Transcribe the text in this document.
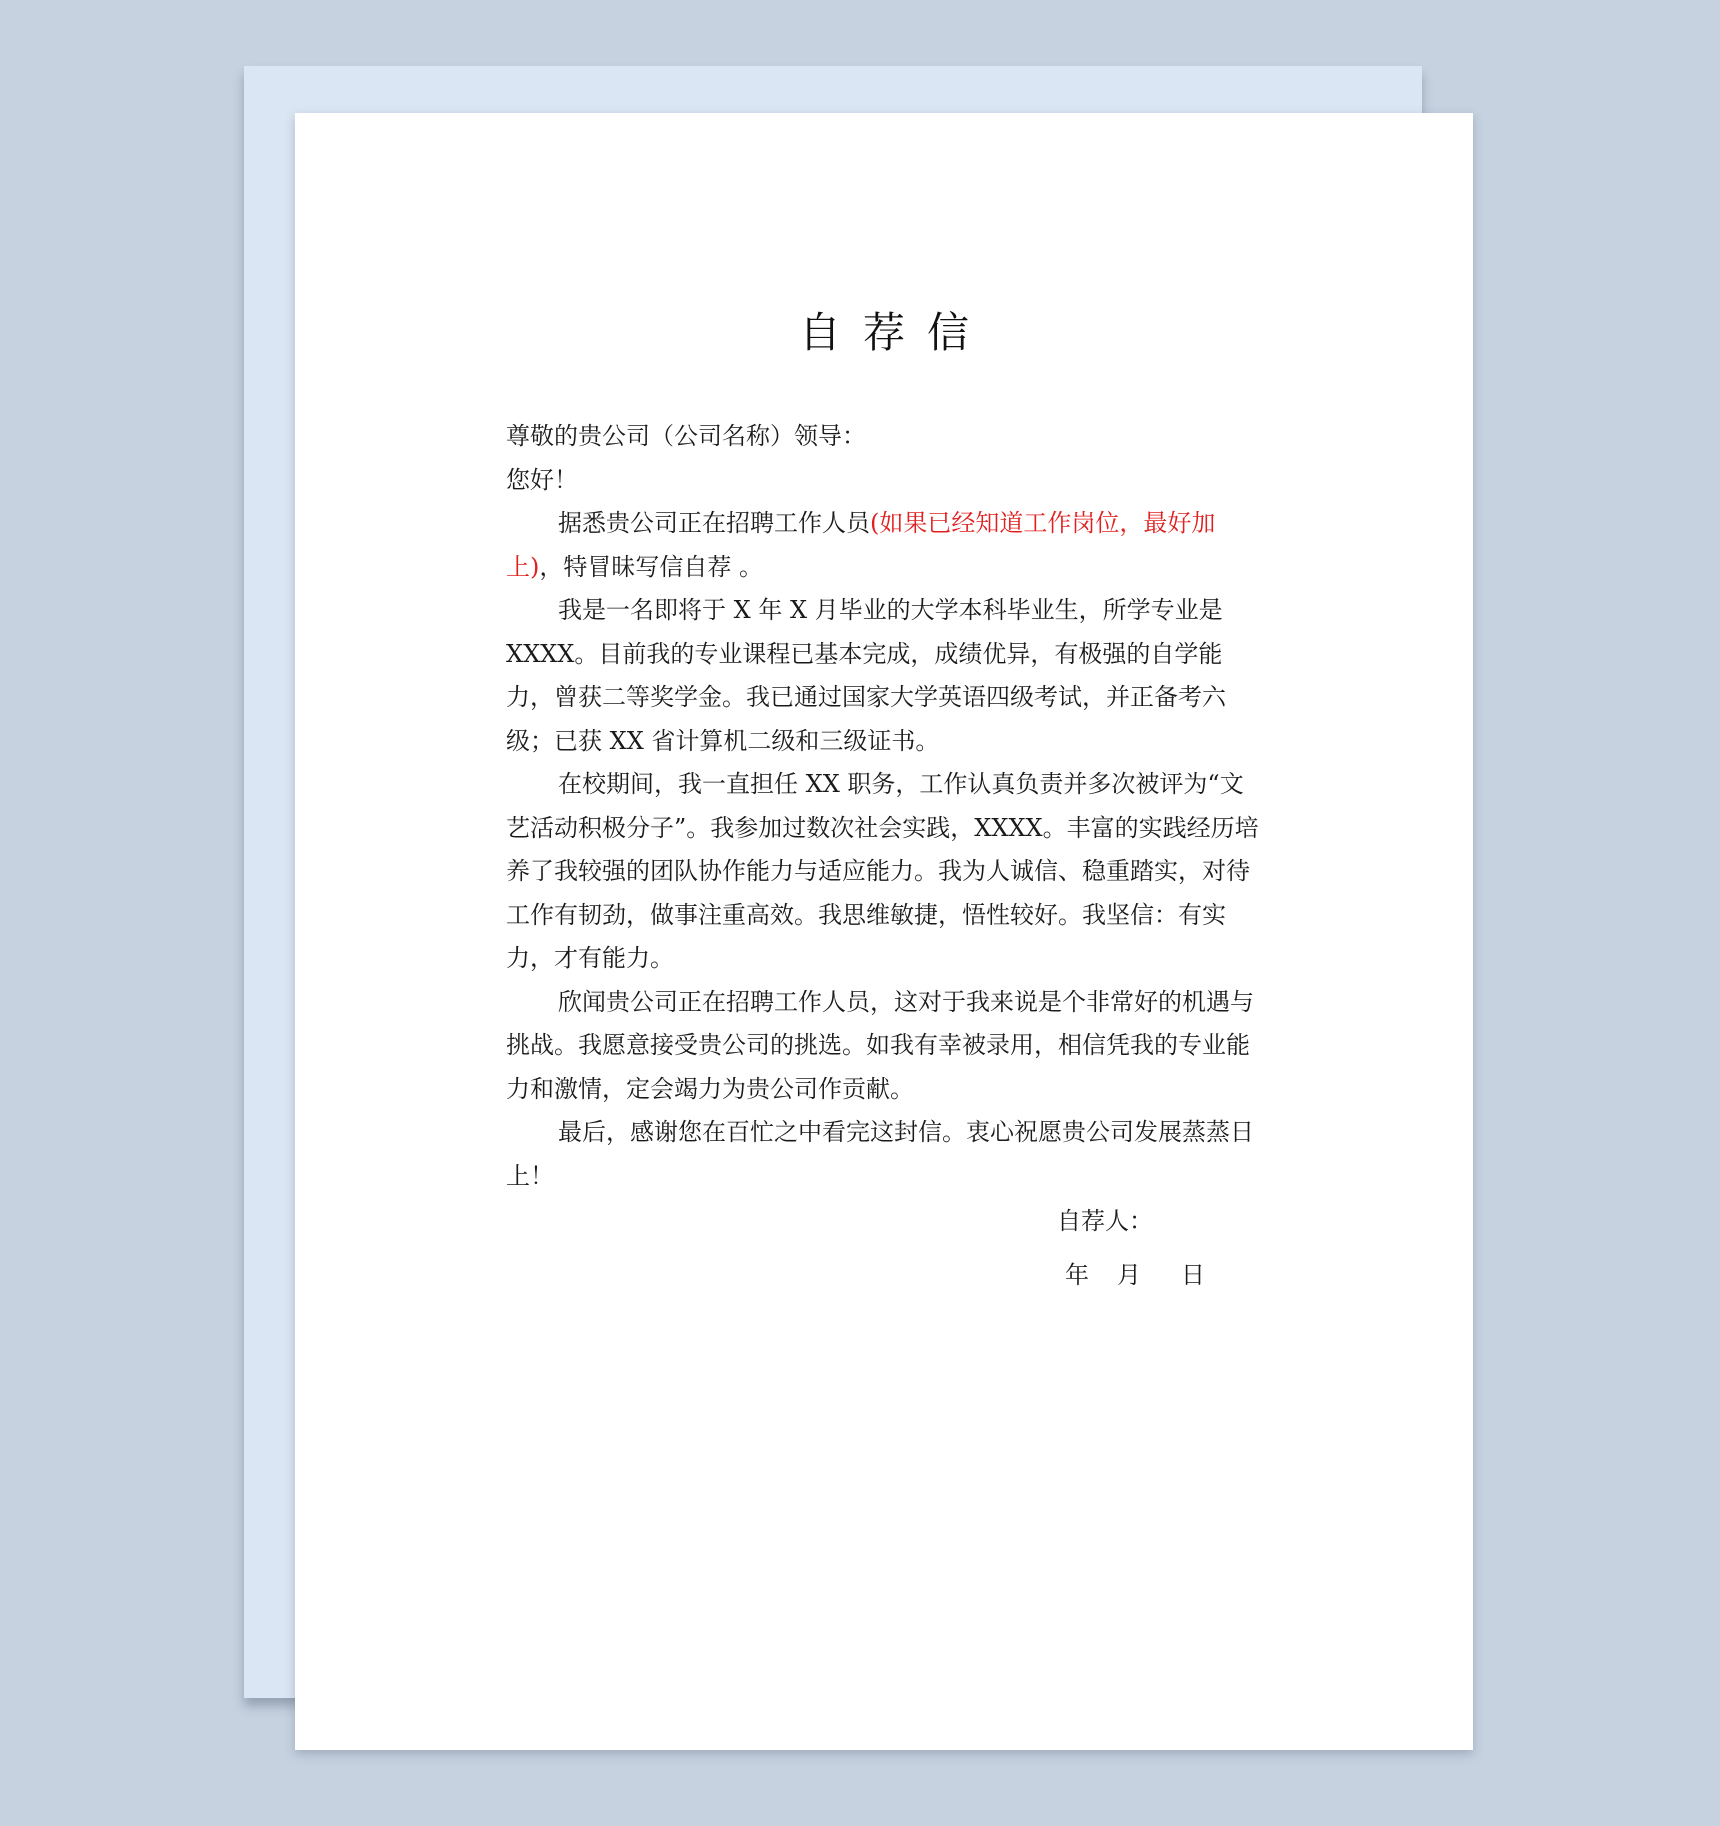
自荐信

尊敬的贵公司（公司名称）领导：

您好！

据悉贵公司正在招聘工作人员(如果已经知道工作岗位，最好加上)，特冒昧写信自荐 。

我是一名即将于 X 年 X 月毕业的大学本科毕业生，所学专业是XXXX。目前我的专业课程已基本完成，成绩优异，有极强的自学能力，曾获二等奖学金。我已通过国家大学英语四级考试，并正备考六级；已获 XX 省计算机二级和三级证书。

在校期间，我一直担任 XX 职务，工作认真负责并多次被评为“文艺活动积极分子”。我参加过数次社会实践，XXXX。丰富的实践经历培养了我较强的团队协作能力与适应能力。我为人诚信、稳重踏实，对待工作有韧劲，做事注重高效。我思维敏捷，悟性较好。我坚信：有实力，才有能力。

欣闻贵公司正在招聘工作人员，这对于我来说是个非常好的机遇与挑战。我愿意接受贵公司的挑选。如我有幸被录用，相信凭我的专业能力和激情，定会竭力为贵公司作贡献。

最后，感谢您在百忙之中看完这封信。衷心祝愿贵公司发展蒸蒸日上！

自荐人：
年 月 日
